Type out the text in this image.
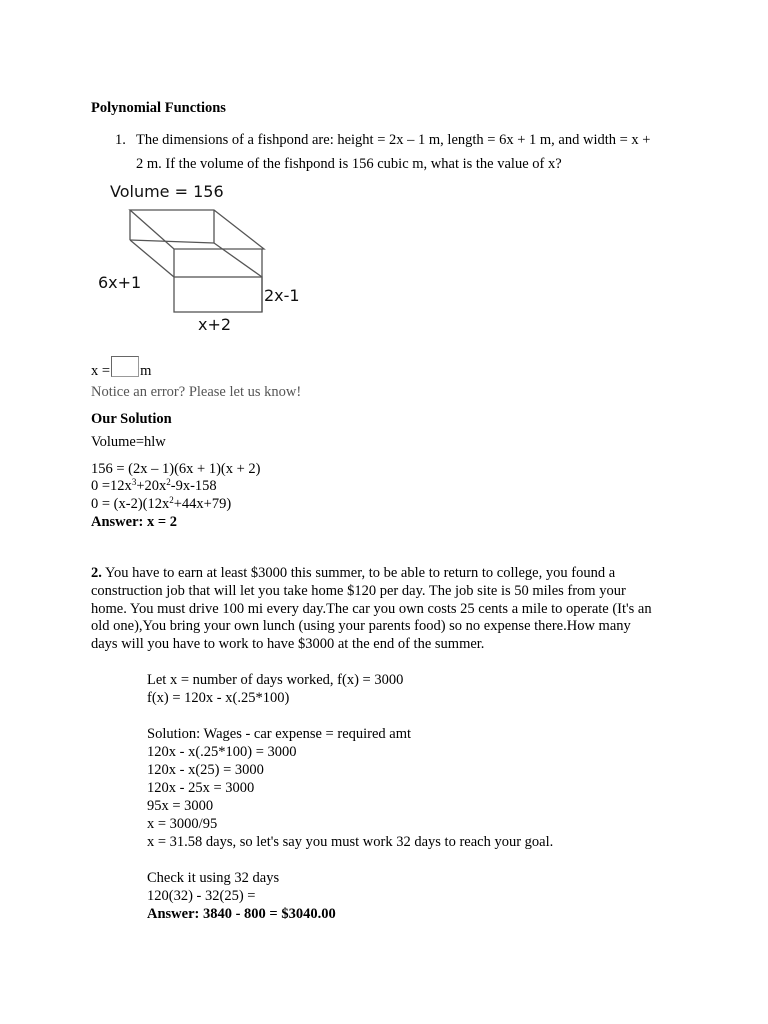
Polynomial Functions
1. The dimensions of a fishpond are: height = 2x – 1 m, length = 6x + 1 m, and width = x +
2 m. If the volume of the fishpond is 156 cubic m, what is the value of x?
Volume = 156
6x+1
2x-1
x+2
x = m
Notice an error? Please let us know!
Our Solution
Volume=hlw
156 = (2x – 1)(6x + 1)(x + 2)
$0 =12x^3+20x^2-9x-158$
$0 = (x-2)(12x^2+44x+79)$
Answer: x = 2
2. You have to earn at least $3000 this summer, to be able to return to college, you found a
construction job that will let you take home $120 per day. The job site is 50 miles from your
home. You must drive 100 mi every day.The car you own costs 25 cents a mile to operate (It's an
old one),You bring your own lunch (using your parents food) so no expense there.How many
days will you have to work to have $3000 at the end of the summer.
Let x = number of days worked, f(x) = 3000
f(x) = 120x - x(.25*100)
Solution: Wages - car expense = required amt
120x - x(.25*100) = 3000
120x - x(25) = 3000
120x - 25x = 3000
95x = 3000
x = 3000/95
x = 31.58 days, so let's say you must work 32 days to reach your goal.
Check it using 32 days
120(32) - 32(25) =
Answer: 3840 - 800 = $3040.00
